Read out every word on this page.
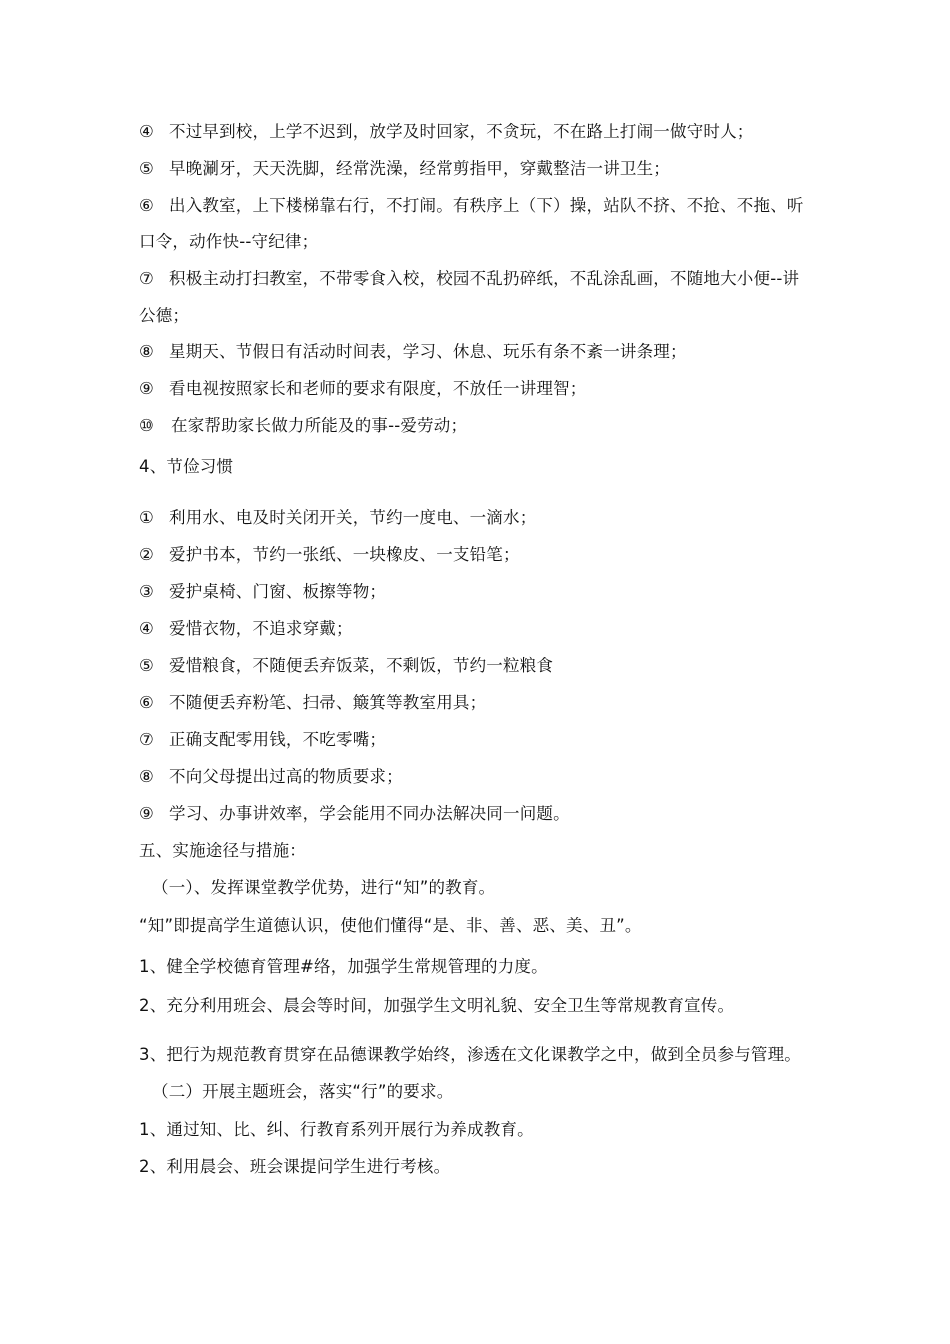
④ 不过早到校，上学不迟到，放学及时回家，不贪玩，不在路上打闹一做守时人；
⑤ 早晚涮牙，天天洗脚，经常洗澡，经常剪指甲，穿戴整洁一讲卫生；
⑥ 出入教室，上下楼梯靠右行，不打闹。有秩序上（下）操，站队不挤、不抢、不拖、听
口令，动作快--守纪律；
⑦ 积极主动打扫教室，不带零食入校，校园不乱扔碎纸，不乱涂乱画，不随地大小便--讲
公德；
⑧ 星期天、节假日有活动时间表，学习、休息、玩乐有条不紊一讲条理；
⑨ 看电视按照家长和老师的要求有限度，不放任一讲理智；
⑩ 在家帮助家长做力所能及的事--爱劳动；
4、节俭习惯
① 利用水、电及时关闭开关，节约一度电、一滴水；
② 爱护书本，节约一张纸、一块橡皮、一支铅笔；
③ 爱护桌椅、门窗、板擦等物；
④ 爱惜衣物，不追求穿戴；
⑤ 爱惜粮食，不随便丢弃饭菜，不剩饭，节约一粒粮食
⑥ 不随便丢弃粉笔、扫帚、簸箕等教室用具；
⑦ 正确支配零用钱，不吃零嘴；
⑧ 不向父母提出过高的物质要求；
⑨ 学习、办事讲效率，学会能用不同办法解决同一问题。
五、实施途径与措施：
（一）、发挥课堂教学优势，进行“知”的教育。
“知”即提高学生道德认识，使他们懂得“是、非、善、恶、美、丑”。
1、健全学校德育管理#络，加强学生常规管理的力度。
2、充分利用班会、晨会等时间，加强学生文明礼貌、安全卫生等常规教育宣传。
3、把行为规范教育贯穿在品德课教学始终，渗透在文化课教学之中，做到全员参与管理。
（二）开展主题班会，落实“行”的要求。
1、通过知、比、纠、行教育系列开展行为养成教育。
2、利用晨会、班会课提问学生进行考核。
